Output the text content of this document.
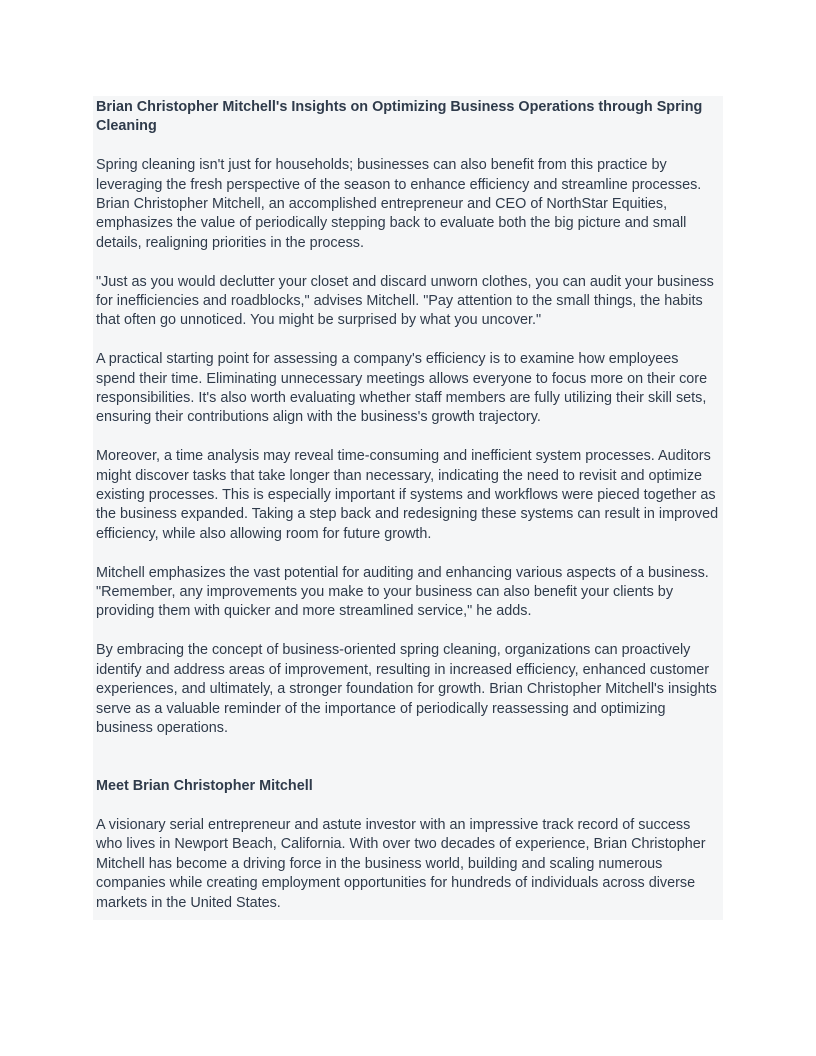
Brian Christopher Mitchell's Insights on Optimizing Business Operations through Spring Cleaning

Spring cleaning isn't just for households; businesses can also benefit from this practice by leveraging the fresh perspective of the season to enhance efficiency and streamline processes. Brian Christopher Mitchell, an accomplished entrepreneur and CEO of NorthStar Equities, emphasizes the value of periodically stepping back to evaluate both the big picture and small details, realigning priorities in the process.

"Just as you would declutter your closet and discard unworn clothes, you can audit your business for inefficiencies and roadblocks," advises Mitchell. "Pay attention to the small things, the habits that often go unnoticed. You might be surprised by what you uncover."

A practical starting point for assessing a company's efficiency is to examine how employees spend their time. Eliminating unnecessary meetings allows everyone to focus more on their core responsibilities. It's also worth evaluating whether staff members are fully utilizing their skill sets, ensuring their contributions align with the business's growth trajectory.

Moreover, a time analysis may reveal time-consuming and inefficient system processes. Auditors might discover tasks that take longer than necessary, indicating the need to revisit and optimize existing processes. This is especially important if systems and workflows were pieced together as the business expanded. Taking a step back and redesigning these systems can result in improved efficiency, while also allowing room for future growth.

Mitchell emphasizes the vast potential for auditing and enhancing various aspects of a business. "Remember, any improvements you make to your business can also benefit your clients by providing them with quicker and more streamlined service," he adds.

By embracing the concept of business-oriented spring cleaning, organizations can proactively identify and address areas of improvement, resulting in increased efficiency, enhanced customer experiences, and ultimately, a stronger foundation for growth. Brian Christopher Mitchell's insights serve as a valuable reminder of the importance of periodically reassessing and optimizing business operations.

Meet Brian Christopher Mitchell

A visionary serial entrepreneur and astute investor with an impressive track record of success who lives in Newport Beach, California. With over two decades of experience, Brian Christopher Mitchell has become a driving force in the business world, building and scaling numerous companies while creating employment opportunities for hundreds of individuals across diverse markets in the United States.
